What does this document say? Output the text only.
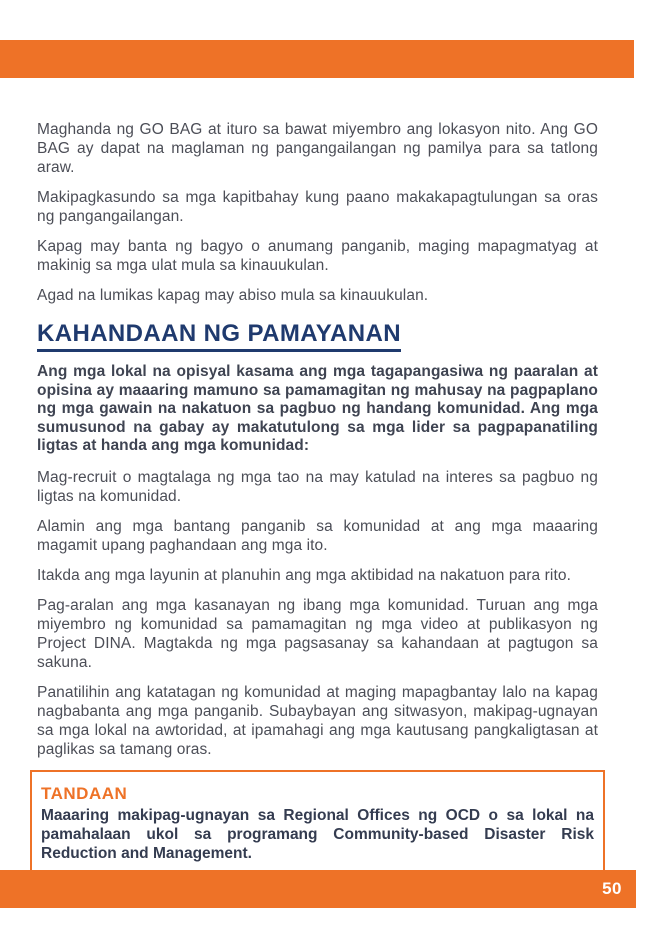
Maghanda ng GO BAG at ituro sa bawat miyembro ang lokasyon nito. Ang GO BAG ay dapat na maglaman ng pangangailangan ng pamilya para sa tatlong araw.

Makipagkasundo sa mga kapitbahay kung paano makakapagtulungan sa oras ng pangangailangan.

Kapag may banta ng bagyo o anumang panganib, maging mapagmatyag at makinig sa mga ulat mula sa kinauukulan.

Agad na lumikas kapag may abiso mula sa kinauukulan.

KAHANDAAN NG PAMAYANAN

Ang mga lokal na opisyal kasama ang mga tagapangasiwa ng paaralan at opisina ay maaaring mamuno sa pamamagitan ng mahusay na pagpaplano ng mga gawain na nakatuon sa pagbuo ng handang komunidad. Ang mga sumusunod na gabay ay makatutulong sa mga lider sa pagpapanatiling ligtas at handa ang mga komunidad:

Mag-recruit o magtalaga ng mga tao na may katulad na interes sa pagbuo ng ligtas na komunidad.

Alamin ang mga bantang panganib sa komunidad at ang mga maaaring magamit upang paghandaan ang mga ito.

Itakda ang mga layunin at planuhin ang mga aktibidad na nakatuon para rito.

Pag-aralan ang mga kasanayan ng ibang mga komunidad. Turuan ang mga miyembro ng komunidad sa pamamagitan ng mga video at publikasyon ng Project DINA. Magtakda ng mga pagsasanay sa kahandaan at pagtugon sa sakuna.

Panatilihin ang katatagan ng komunidad at maging mapagbantay lalo na kapag nagbabanta ang mga panganib. Subaybayan ang sitwasyon, makipag-ugnayan sa mga lokal na awtoridad, at ipamahagi ang mga kautusang pangkaligtasan at paglikas sa tamang oras.

TANDAAN

Maaaring makipag-ugnayan sa Regional Offices ng OCD o sa lokal na pamahalaan ukol sa programang Community-based Disaster Risk Reduction and Management.

50
